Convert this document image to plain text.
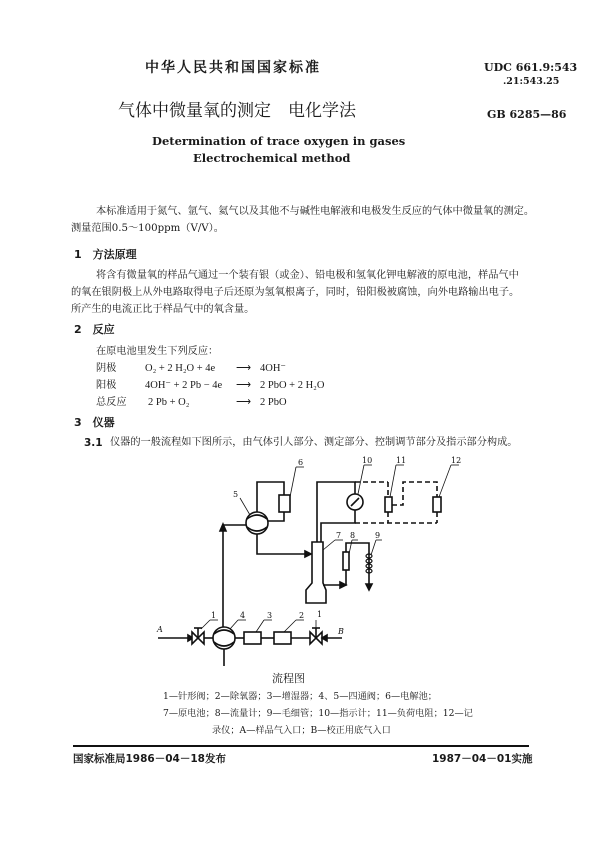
中华人民共和国国家标准	UDC 661.9:543
.21:543.25
气体中微量氧的测定　电化学法	GB 6285—86
Determination of trace oxygen in gases
Electrochemical method
本标准适用于氮气、氩气、氦气以及其他不与碱性电解液和电极发生反应的气体中微量氧的测定。
测量范围0.5～100ppm（V/V）。
1　方法原理
将含有微量氧的样品气通过一个装有银（或金）、铅电极和氢氧化钾电解液的原电池，样品气中
的氧在银阴极上从外电路取得电子后还原为氢氧根离子，同时，铅阳极被腐蚀，向外电路输出电子。
所产生的电流正比于样品气中的氧含量。
2　反应
在原电池里发生下列反应：
阴极	O₂ + 2 H₂O + 4e ⟶ 4OH⁻
阳极	4OH⁻ + 2 Pb − 4e ⟶ 2 PbO + 2 H₂O
总反应 2 Pb + O₂	⟶ 2 PbO
3　仪器
3.1 仪器的一般流程如下图所示，由气体引人部分、测定部分、控制调节部分及指示部分构成。
A	B
1	1
2
3
4
5
6
7 8 9
10	11	12
流程图
1—针形阀；2—除氧器；3—增湿器；4、5—四通阀；6—电解池；
7—原电池；8—流量计；9—毛细管；10—指示计；11—负荷电阻；12—记
录仪；A—样品气入口；B—校正用底气入口
国家标准局1986－04－18发布	1987－04－01实施
